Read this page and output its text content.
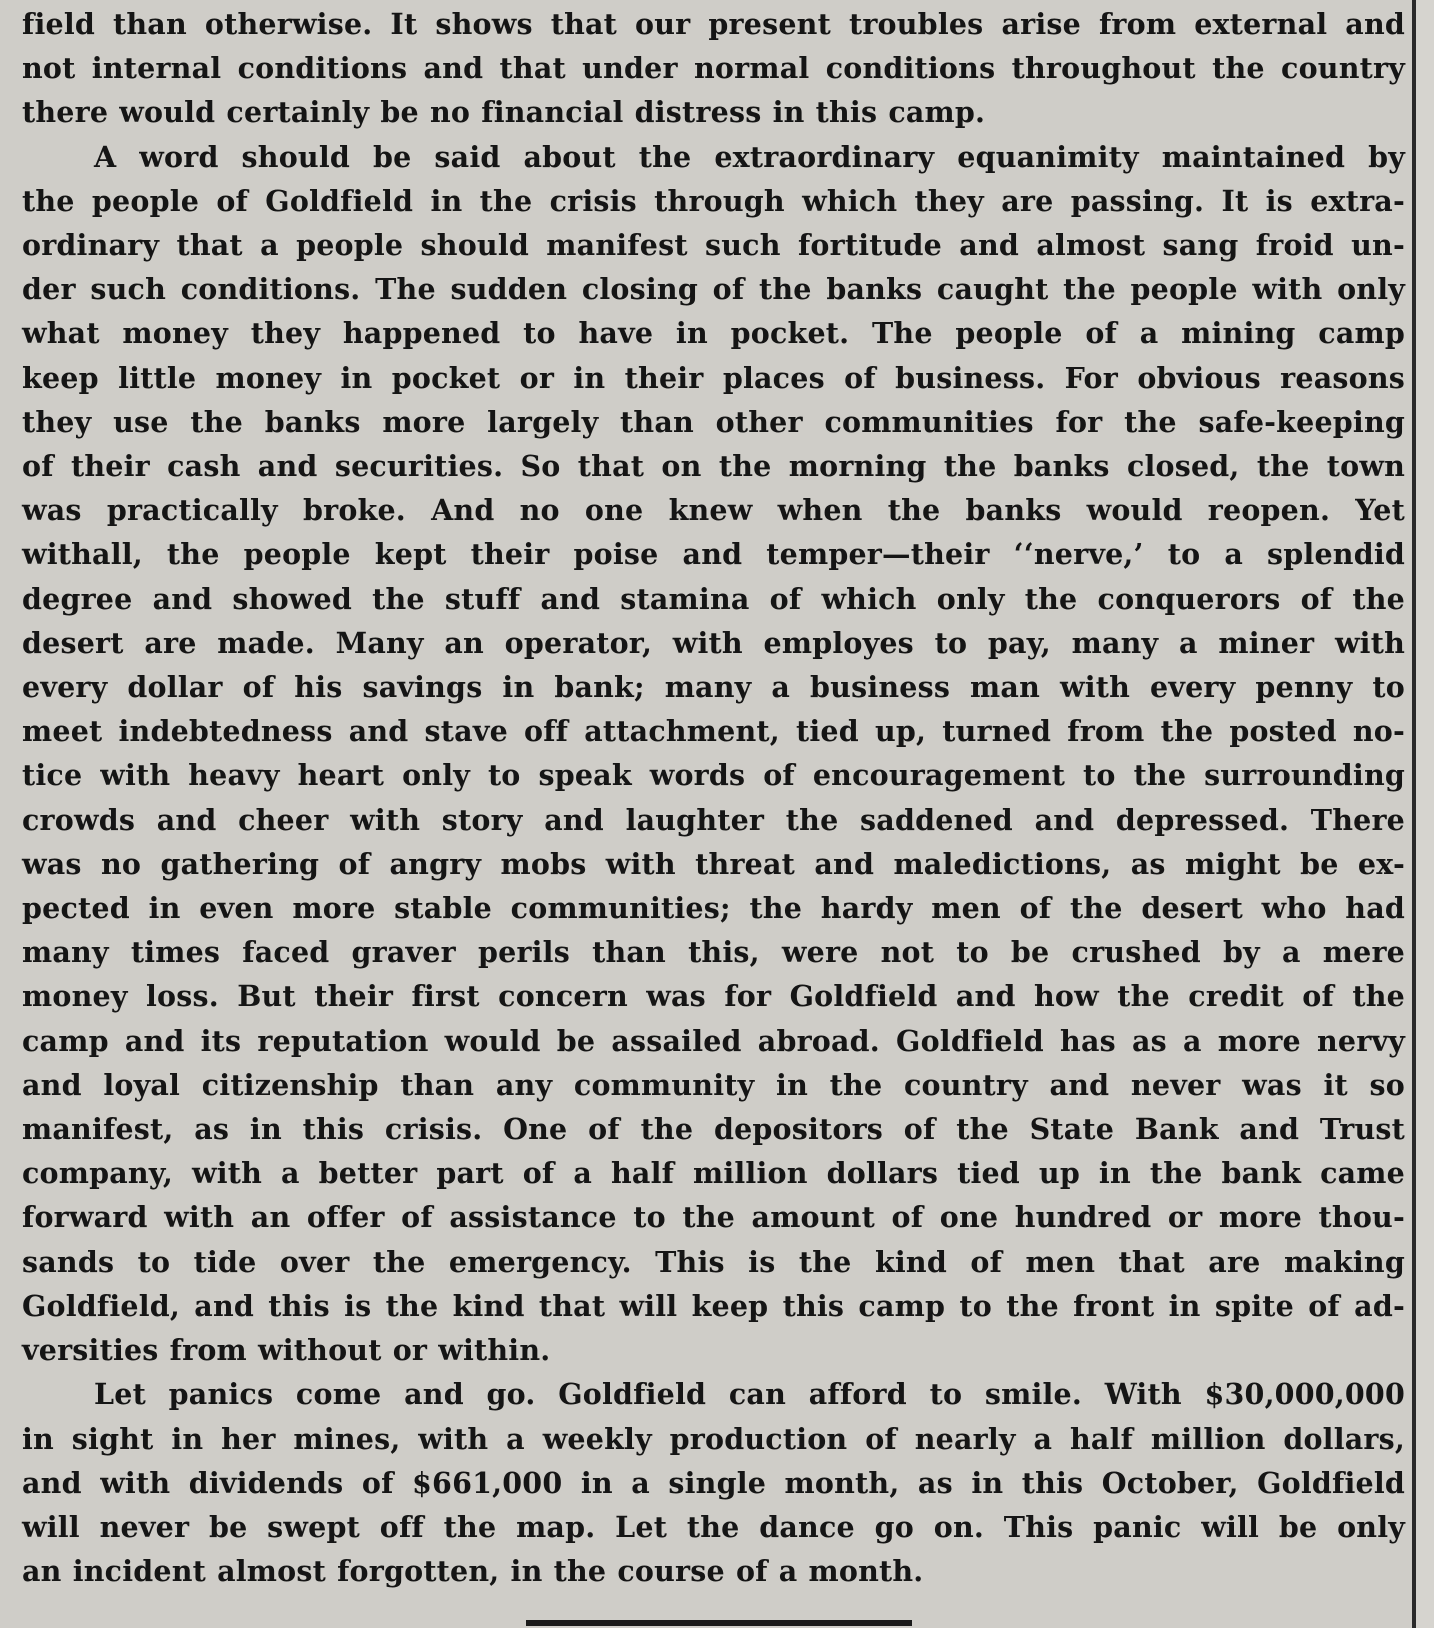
field than otherwise. It shows that our present troubles arise from external and

not internal conditions and that under normal conditions throughout the country

there would certainly be no financial distress in this camp.

A word should be said about the extraordinary equanimity maintained by

the people of Goldfield in the crisis through which they are passing. It is extra-

ordinary that a people should manifest such fortitude and almost sang froid un-

der such conditions. The sudden closing of the banks caught the people with only

what money they happened to have in pocket. The people of a mining camp

keep little money in pocket or in their places of business. For obvious reasons

they use the banks more largely than other communities for the safe-keeping

of their cash and securities. So that on the morning the banks closed, the town

was practically broke. And no one knew when the banks would reopen. Yet

withall, the people kept their poise and temper—their ‘‘nerve,’ to a splendid

degree and showed the stuff and stamina of which only the conquerors of the

desert are made. Many an operator, with employes to pay, many a miner with

every dollar of his savings in bank; many a business man with every penny to

meet indebtedness and stave off attachment, tied up, turned from the posted no-

tice with heavy heart only to speak words of encouragement to the surrounding

crowds and cheer with story and laughter the saddened and depressed. There

was no gathering of angry mobs with threat and maledictions, as might be ex-

pected in even more stable communities; the hardy men of the desert who had

many times faced graver perils than this, were not to be crushed by a mere

money loss. But their first concern was for Goldfield and how the credit of the

camp and its reputation would be assailed abroad. Goldfield has as a more nervy

and loyal citizenship than any community in the country and never was it so

manifest, as in this crisis. One of the depositors of the State Bank and Trust

company, with a better part of a half million dollars tied up in the bank came

forward with an offer of assistance to the amount of one hundred or more thou-

sands to tide over the emergency. This is the kind of men that are making

Goldfield, and this is the kind that will keep this camp to the front in spite of ad-

versities from without or within.

Let panics come and go. Goldfield can afford to smile. With $30,000,000

in sight in her mines, with a weekly production of nearly a half million dollars,

and with dividends of $661,000 in a single month, as in this October, Goldfield

will never be swept off the map. Let the dance go on. This panic will be only

an incident almost forgotten, in the course of a month.
